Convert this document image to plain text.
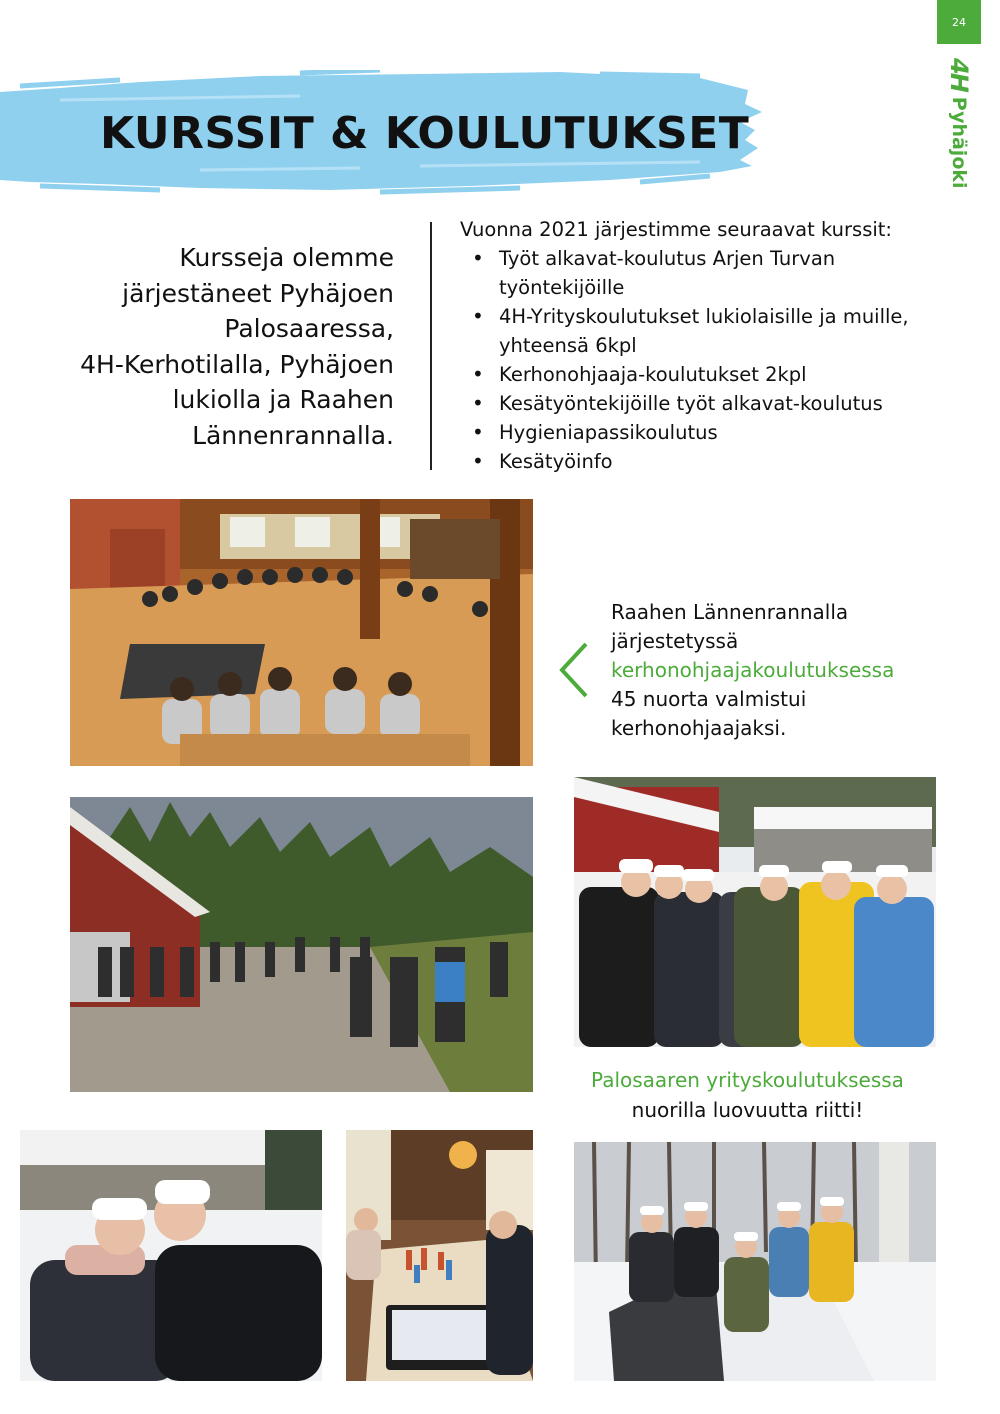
24
4H
Pyhäjoki
KURSSIT & KOULUTUKSET
Kursseja olemme
järjestäneet Pyhäjoen
Palosaaressa,
4H-Kerhotilalla, Pyhäjoen
lukiolla ja Raahen
Lännenrannalla.
Vuonna 2021 järjestimme seuraavat kurssit:
• Työt alkavat-koulutus Arjen Turvan työntekijöille
• 4H-Yrityskoulutukset lukiolaisille ja muille, yhteensä 6kpl
• Kerhonohjaaja-koulutukset 2kpl
• Kesätyöntekijöille työt alkavat-koulutus
• Hygieniapassikoulutus
• Kesätyöinfo
Raahen Lännenrannalla
järjestetyssä
kerhonohjaajakoulutuksessa
45 nuorta valmistui
kerhonohjaajaksi.
Palosaaren yrityskoulutuksessa
nuorilla luovuutta riitti!
